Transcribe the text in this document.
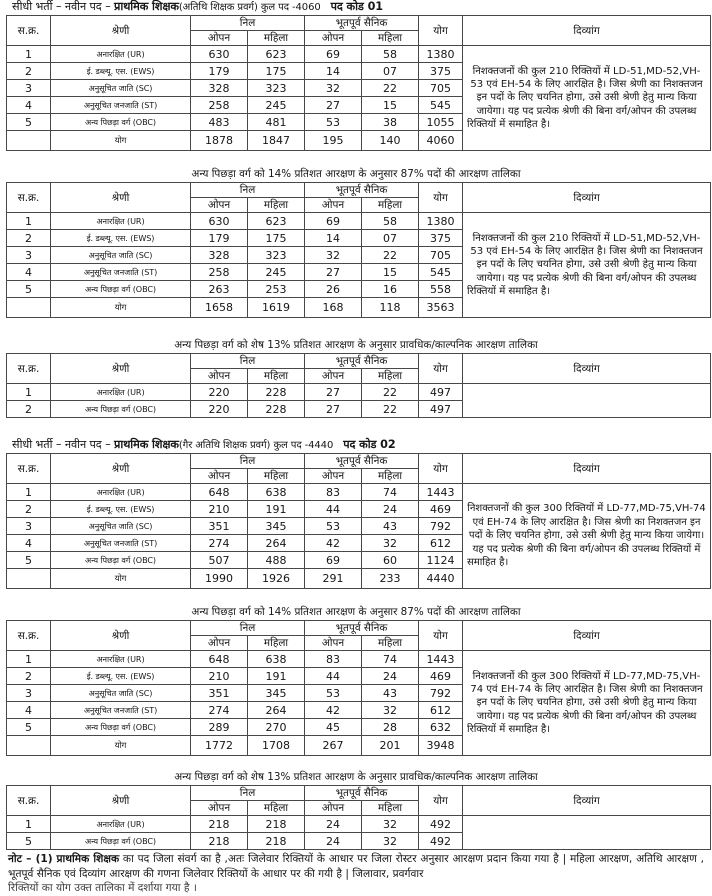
सीधी भर्ती – नवीन पद – प्राथमिक शिक्षक(अतिथि शिक्षक प्रवर्ग) कुल पद -4060 पद कोड 01
स.क्र.	श्रेणी	निल		भूतपूर्व सैनिक		योग	दिव्यांग
		ओपन	महिला	ओपन	महिला		
1	अनारक्षित (UR)	630	623	69	58	1380	निशक्तजनों की कुल 210 रिक्तियों में LD-51,MD-52,VH-53 एवं EH-54 के लिए आरक्षित है। जिस श्रेणी का निशक्तजन इन पदों के लिए चयनित होगा, उसे उसी श्रेणी हेतु मान्य किया जायेगा। यह पद प्रत्येक श्रेणी की बिना वर्ग/ओपन की उपलब्ध रिक्तियों में समाहित है।
2	ई. डब्ल्यू. एस. (EWS)	179	175	14	07	375	
3	अनुसूचित जाति (SC)	328	323	32	22	705	
4	अनुसूचित जनजाति (ST)	258	245	27	15	545	
5	अन्य पिछड़ा वर्ग (OBC)	483	481	53	38	1055	
	योग	1878	1847	195	140	4060	
अन्य पिछड़ा वर्ग को 14% प्रतिशत आरक्षण के अनुसार 87% पदों की आरक्षण तालिका
स.क्र.	श्रेणी	निल		भूतपूर्व सैनिक		योग	दिव्यांग
		ओपन	महिला	ओपन	महिला		
1	अनारक्षित (UR)	630	623	69	58	1380	निशक्तजनों की कुल 210 रिक्तियों में LD-51,MD-52,VH-53 एवं EH-54 के लिए आरक्षित है। जिस श्रेणी का निशक्तजन इन पदों के लिए चयनित होगा, उसे उसी श्रेणी हेतु मान्य किया जायेगा। यह पद प्रत्येक श्रेणी की बिना वर्ग/ओपन की उपलब्ध रिक्तियों में समाहित है।
2	ई. डब्ल्यू. एस. (EWS)	179	175	14	07	375	
3	अनुसूचित जाति (SC)	328	323	32	22	705	
4	अनुसूचित जनजाति (ST)	258	245	27	15	545	
5	अन्य पिछड़ा वर्ग (OBC)	263	253	26	16	558	
	योग	1658	1619	168	118	3563	
अन्य पिछड़ा वर्ग को शेष 13% प्रतिशत आरक्षण के अनुसार प्रावधिक/काल्पनिक आरक्षण तालिका
स.क्र.	श्रेणी	निल		भूतपूर्व सैनिक		योग	दिव्यांग
		ओपन	महिला	ओपन	महिला		
1	अनारक्षित (UR)	220	228	27	22	497	
2	अन्य पिछड़ा वर्ग (OBC)	220	228	27	22	497	
सीधी भर्ती – नवीन पद – प्राथमिक शिक्षक(गैर अतिथि शिक्षक प्रवर्ग) कुल पद -4440 पद कोड 02
स.क्र.	श्रेणी	निल		भूतपूर्व सैनिक		योग	दिव्यांग
		ओपन	महिला	ओपन	महिला		
1	अनारक्षित (UR)	648	638	83	74	1443	निशक्तजनों की कुल 300 रिक्तियों में LD-77,MD-75,VH-74 एवं EH-74 के लिए आरक्षित है। जिस श्रेणी का निशक्तजन इन पदों के लिए चयनित होगा, उसे उसी श्रेणी हेतु मान्य किया जायेगा। यह पद प्रत्येक श्रेणी की बिना वर्ग/ओपन की उपलब्ध रिक्तियों में समाहित है।
2	ई. डब्ल्यू. एस. (EWS)	210	191	44	24	469	
3	अनुसूचित जाति (SC)	351	345	53	43	792	
4	अनुसूचित जनजाति (ST)	274	264	42	32	612	
5	अन्य पिछड़ा वर्ग (OBC)	507	488	69	60	1124	
	योग	1990	1926	291	233	4440	
अन्य पिछड़ा वर्ग को 14% प्रतिशत आरक्षण के अनुसार 87% पदों की आरक्षण तालिका
स.क्र.	श्रेणी	निल		भूतपूर्व सैनिक		योग	दिव्यांग
		ओपन	महिला	ओपन	महिला		
1	अनारक्षित (UR)	648	638	83	74	1443	निशक्तजनों की कुल 300 रिक्तियों में LD-77,MD-75,VH-74 एवं EH-74 के लिए आरक्षित है। जिस श्रेणी का निशक्तजन इन पदों के लिए चयनित होगा, उसे उसी श्रेणी हेतु मान्य किया जायेगा। यह पद प्रत्येक श्रेणी की बिना वर्ग/ओपन की उपलब्ध रिक्तियों में समाहित है।
2	ई. डब्ल्यू. एस. (EWS)	210	191	44	24	469	
3	अनुसूचित जाति (SC)	351	345	53	43	792	
4	अनुसूचित जनजाति (ST)	274	264	42	32	612	
5	अन्य पिछड़ा वर्ग (OBC)	289	270	45	28	632	
	योग	1772	1708	267	201	3948	
अन्य पिछड़ा वर्ग को शेष 13% प्रतिशत आरक्षण के अनुसार प्रावधिक/काल्पनिक आरक्षण तालिका
स.क्र.	श्रेणी	निल		भूतपूर्व सैनिक		योग	दिव्यांग
		ओपन	महिला	ओपन	महिला		
1	अनारक्षित (UR)	218	218	24	32	492	
5	अन्य पिछड़ा वर्ग (OBC)	218	218	24	32	492	
नोट – (1) प्राथमिक शिक्षक का पद जिला संवर्ग का है ,अतः जिलेवार रिक्तियों के आधार पर जिला रोस्टर अनुसार आरक्षण प्रदान किया गया है | महिला आरक्षण, अतिथि आरक्षण , भूतपूर्व सैनिक एवं दिव्यांग आरक्षण की गणना जिलेवार रिक्तियों के आधार पर की गयी है | जिलावार, प्रवर्गवार
रिक्तियों का योग उक्त तालिका में दर्शाया गया है ।
